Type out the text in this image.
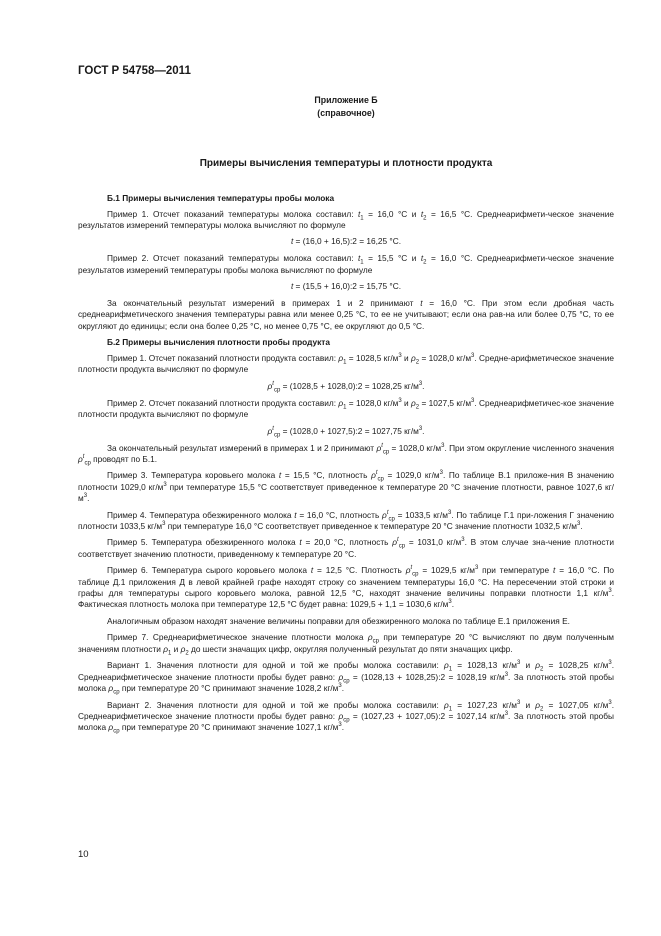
ГОСТ Р 54758—2011
Приложение Б
(справочное)
Примеры вычисления температуры и плотности продукта

Б.1 Примеры вычисления температуры пробы молока

Пример 1. Отсчет показаний температуры молока составил: $t_1 = 16,0$ °С и $t_2 = 16,5$ °С. Среднеарифмети-ческое значение результатов измерений температуры молока вычисляют по формуле

t = (16,0 + 16,5):2 = 16,25 °С.

Пример 2. Отсчет показаний температуры молока составил: $t_1 = 15,5$ °С и $t_2 = 16,0$ °С. Среднеарифмети-ческое значение результатов измерений температуры пробы молока вычисляют по формуле

t = (15,5 + 16,0):2 = 15,75 °С.

За окончательный результат измерений в примерах 1 и 2 принимают t = 16,0 °С. При этом если дробная часть среднеарифметического значения температуры равна или менее 0,25 °С, то ее не учитывают; если она рав-на или более 0,75 °С, то ее округляют до единицы; если она более 0,25 °С, но менее 0,75 °С, ее округляют до 0,5 °С.

Б.2 Примеры вычисления плотности пробы продукта

Пример 1. Отсчет показаний плотности продукта составил: $\rho_1 = 1028,5$ $кг/м^3$ и $\rho_2 = 1028,0$ $кг/м^3$. Средне-арифметическое значение плотности продукта вычисляют по формуле

$\rho^t_{ср} = (1028,5$ + 1028,0):2 = 1028,25 $кг/м^3$.

Пример 2. Отсчет показаний плотности продукта составил: $\rho_1 = 1028,0$ $кг/м^3$ и $\rho_2 = 1027,5$ $кг/м^3$. Среднеарифметичес-кое значение плотности продукта вычисляют по формуле

$\rho^t_{ср} = (1028,0$ + 1027,5):2 = 1027,75 $кг/м^3$.

За окончательный результат измерений в примерах 1 и 2 принимают $\rho^t_{ср} = 1028,0$ $кг/м^3$. При этом округление численного значения $\rho^t_{ср}$ проводят по Б.1.

Пример 3. Температура коровьего молока t = 15,5 °С, плотность $\rho^t_{ср} = 1029,0$ $кг/м^3$. По таблице В.1 приложе-ния В значению плотности 1029,0 $кг/м^3$ при температуре 15,5 °С соответствует приведенное к температуре 20 °С значение плотности, равное 1027,6 $кг/м^3$.

Пример 4. Температура обезжиренного молока t = 16,0 °С, плотность $\rho^t_{ср} = 1033,5$ $кг/м^3$. По таблице Г.1 при-ложения Г значению плотности 1033,5 $кг/м^3$ при температуре 16,0 °С соответствует приведенное к температуре 20 °С значение плотности 1032,5 $кг/м^3$.

Пример 5. Температура обезжиренного молока t = 20,0 °С, плотность $\rho^t_{ср} = 1031,0$ $кг/м^3$. В этом случае зна-чение плотности соответствует значению плотности, приведенному к температуре 20 °С.

Пример 6. Температура сырого коровьего молока t = 12,5 °С. Плотность $\rho^t_{ср} = 1029,5$ $кг/м^3$ при температуре t = 16,0 °С. По таблице Д.1 приложения Д в левой крайней графе находят строку со значением температуры 16,0 °С. На пересечении этой строки и графы для температуры сырого коровьего молока, равной 12,5 °С, находят значение величины поправки плотности 1,1 $кг/м^3$. Фактическая плотность молока при температуре 12,5 °С будет равна: 1029,5 + 1,1 = 1030,6 $кг/м^3$.

Аналогичным образом находят значение величины поправки для обезжиренного молока по таблице Е.1 приложения Е.

Пример 7. Среднеарифметическое значение плотности молока $\rho_{ср}$ при температуре 20 °С вычисляют по двум полученным значениям плотности $\rho_1$ и $\rho_2$ до шести значащих цифр, округляя полученный результат до пяти значащих цифр.

Вариант 1. Значения плотности для одной и той же пробы молока составили: $\rho_1 = 1028,13$ $кг/м^3$ и $\rho_2 = 1028,25$ $кг/м^3$. Среднеарифметическое значение плотности пробы будет равно: $\rho_{ср} = (1028,13$ + 1028,25):2 = 1028,19 $кг/м^3$. За плотность этой пробы молока $\rho_{ср}$ при температуре 20 °С принимают значение 1028,2 $кг/м^3$.

Вариант 2. Значения плотности для одной и той же пробы молока составили: $\rho_1 = 1027,23$ $кг/м^3$ и $\rho_2 = 1027,05$ $кг/м^3$. Среднеарифметическое значение плотности пробы будет равно: $\rho_{ср} = (1027,23$ + 1027,05):2 = 1027,14 $кг/м^3$. За плотность этой пробы молока $\rho_{ср}$ при температуре 20 °С принимают значение 1027,1 $кг/м^3$.

10
